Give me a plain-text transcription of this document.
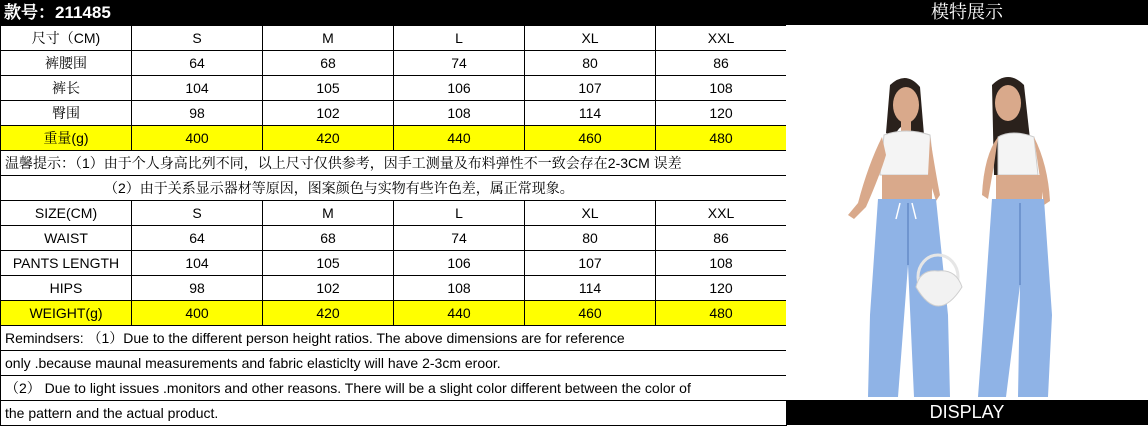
款号：211485
尺寸（CM)	S	M	L	XL	XXL
裤腰围	64	68	74	80	86
裤长	104	105	106	107	108
臀围	98	102	108	114	120
重量(g)	400	420	440	460	480
温馨提示：（1）由于个人身高比列不同，以上尺寸仅供参考，因手工测量及布料弹性不一致会存在2-3CM 误差					
（2）由于关系显示器材等原因，图案颜色与实物有些许色差，属正常现象。					
SIZE(CM)	S	M	L	XL	XXL
WAIST	64	68	74	80	86
PANTS LENGTH	104	105	106	107	108
HIPS	98	102	108	114	120
WEIGHT(g)	400	420	440	460	480
Remindsers: （1）Due to the different person height ratios. The above dimensions are for reference					
only .because maunal measurements and fabric elasticlty will have 2-3cm eroor.					
（2） Due to light issues .monitors and other reasons. There will be a slight color different between the color of					
the pattern and the actual product.					
模特展示
DISPLAY
